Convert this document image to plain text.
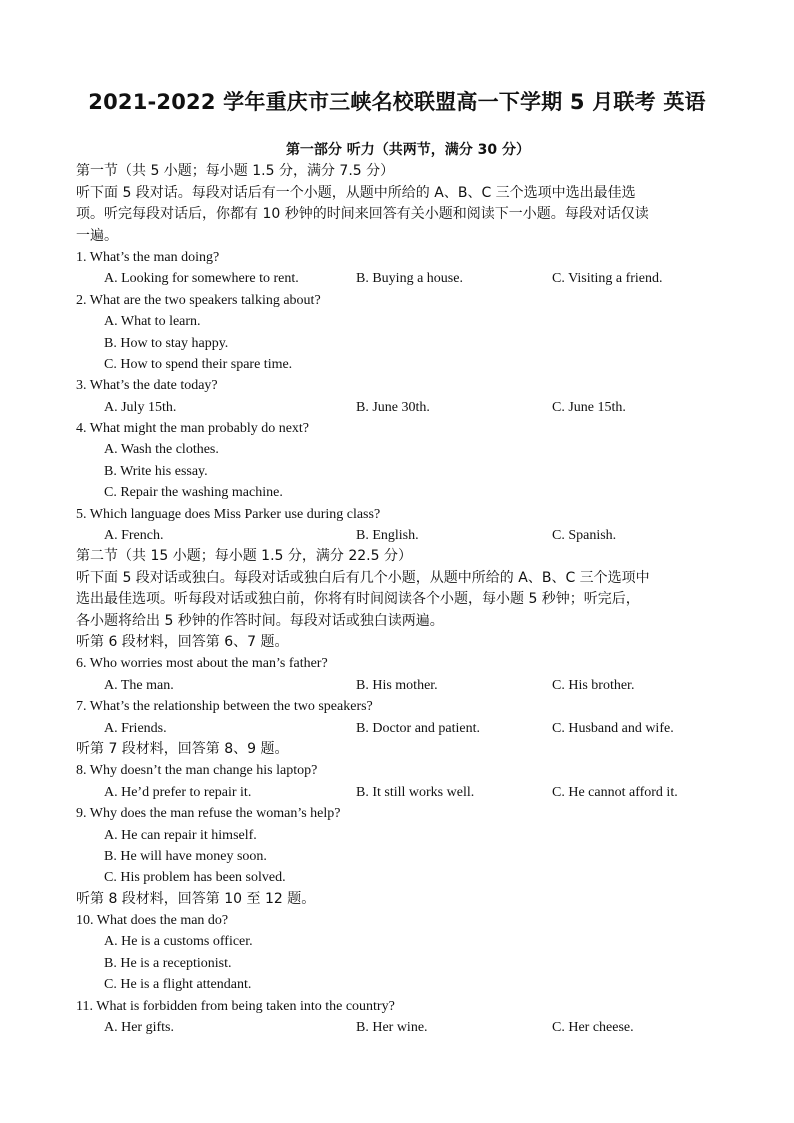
2021-2022 学年重庆市三峡名校联盟高一下学期 5 月联考 英语
第一部分 听力（共两节，满分 30 分）
第一节（共 5 小题；每小题 1.5 分，满分 7.5 分）
听下面 5 段对话。每段对话后有一个小题，从题中所给的 A、B、C 三个选项中选出最佳选
项。听完每段对话后，你都有 10 秒钟的时间来回答有关小题和阅读下一小题。每段对话仅读
一遍。
1. What’s the man doing?
A. Looking for somewhere to rent.	B. Buying a house.	C. Visiting a friend.
2. What are the two speakers talking about?
A. What to learn.
B. How to stay happy.
C. How to spend their spare time.
3. What’s the date today?
A. July 15th.	B. June 30th.	C. June 15th.
4. What might the man probably do next?
A. Wash the clothes.
B. Write his essay.
C. Repair the washing machine.
5. Which language does Miss Parker use during class?
A. French.	B. English.	C. Spanish.
第二节（共 15 小题；每小题 1.5 分，满分 22.5 分）
听下面 5 段对话或独白。每段对话或独白后有几个小题，从题中所给的 A、B、C 三个选项中
选出最佳选项。听每段对话或独白前，你将有时间阅读各个小题，每小题 5 秒钟；听完后，
各小题将给出 5 秒钟的作答时间。每段对话或独白读两遍。
听第 6 段材料，回答第 6、7 题。
6. Who worries most about the man’s father?
A. The man.	B. His mother.	C. His brother.
7. What’s the relationship between the two speakers?
A. Friends.	B. Doctor and patient.	C. Husband and wife.
听第 7 段材料，回答第 8、9 题。
8. Why doesn’t the man change his laptop?
A. He’d prefer to repair it.	B. It still works well.	C. He cannot afford it.
9. Why does the man refuse the woman’s help?
A. He can repair it himself.
B. He will have money soon.
C. His problem has been solved.
听第 8 段材料，回答第 10 至 12 题。
10. What does the man do?
A. He is a customs officer.
B. He is a receptionist.
C. He is a flight attendant.
11. What is forbidden from being taken into the country?
A. Her gifts.	B. Her wine.	C. Her cheese.
